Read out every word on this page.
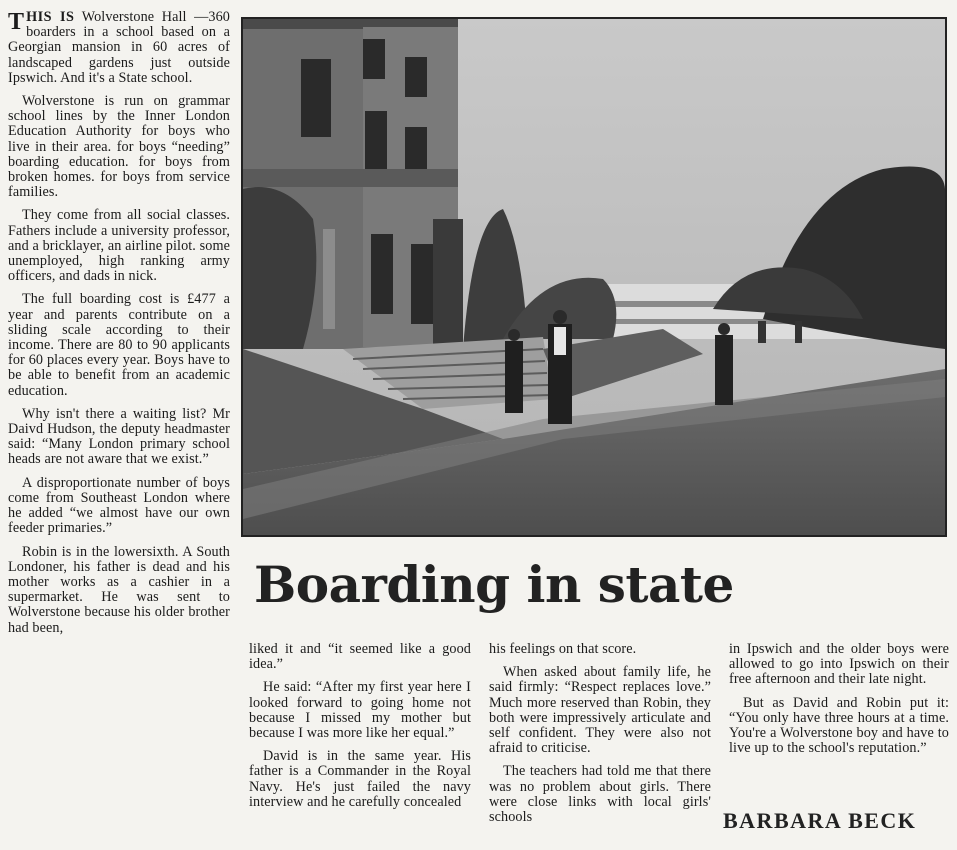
THIS IS Wolverstone Hall —360 boarders in a school based on a Georgian mansion in 60 acres of landscaped gardens just outside Ipswich. And it's a State school.

Wolverstone is run on grammar school lines by the Inner London Education Authority for boys who live in their area. for boys “needing” boarding education. for boys from broken homes. for boys from service families.

They come from all social classes. Fathers include a university professor, and a bricklayer, an airline pilot. some unemployed, high ranking army officers, and dads in nick.

The full boarding cost is £477 a year and parents contribute on a sliding scale according to their income. There are 80 to 90 applicants for 60 places every year. Boys have to be able to benefit from an academic education.

Why isn't there a waiting list? Mr Daivd Hudson, the deputy headmaster said: “Many London primary school heads are not aware that we exist.”

A disproportionate number of boys come from Southeast London where he added “we almost have our own feeder primaries.”

Robin is in the lowersixth. A South Londoner, his father is dead and his mother works as a cashier in a supermarket. He was sent to Wolverstone because his older brother had been,

Boarding in state

liked it and “it seemed like a good idea.”

He said: “After my first year here I looked forward to going home not because I missed my mother but because I was more like her equal.”

David is in the same year. His father is a Commander in the Royal Navy. He's just failed the navy interview and he carefully concealed

his feelings on that score.

When asked about family life, he said firmly: “Respect replaces love.” Much more reserved than Robin, they both were impressively articulate and self confident. They were also not afraid to criticise.

The teachers had told me that there was no problem about girls. There were close links with local girls' schools

in Ipswich and the older boys were allowed to go into Ipswich on their free afternoon and their late night.

But as David and Robin put it: “You only have three hours at a time. You're a Wolverstone boy and have to live up to the school's reputation.”

BARBARA BECK
